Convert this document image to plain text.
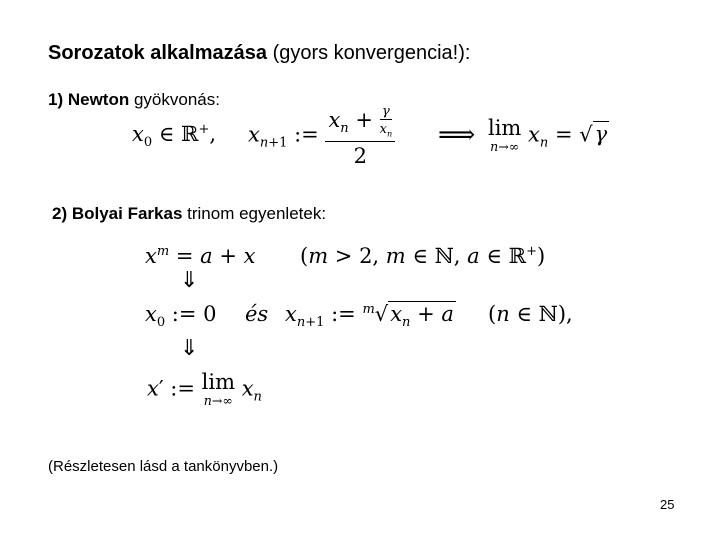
Sorozatok alkalmazása (gyors konvergencia!):
1) Newton gyökvonás:
$x_0$ ∈ ℝ+, $x_{n+1}$ := $\frac{x_n + \frac{\gamma}{x_n}}{2}$ ⟹ lim
n→∞
$x_n = √\gamma$
2) Bolyai Farkas trinom egyenletek:
$x^m = a + x$ (m > 2, m ∈ ℕ, a ∈ ℝ+)
⇓
$x_0$ := 0 és $x_{n+1}$ := $^m√x_n + a$ (n ∈ ℕ),
⇓
x′ := lim
n→∞
$x_n$
(Részletesen lásd a tankönyvben.)
25
